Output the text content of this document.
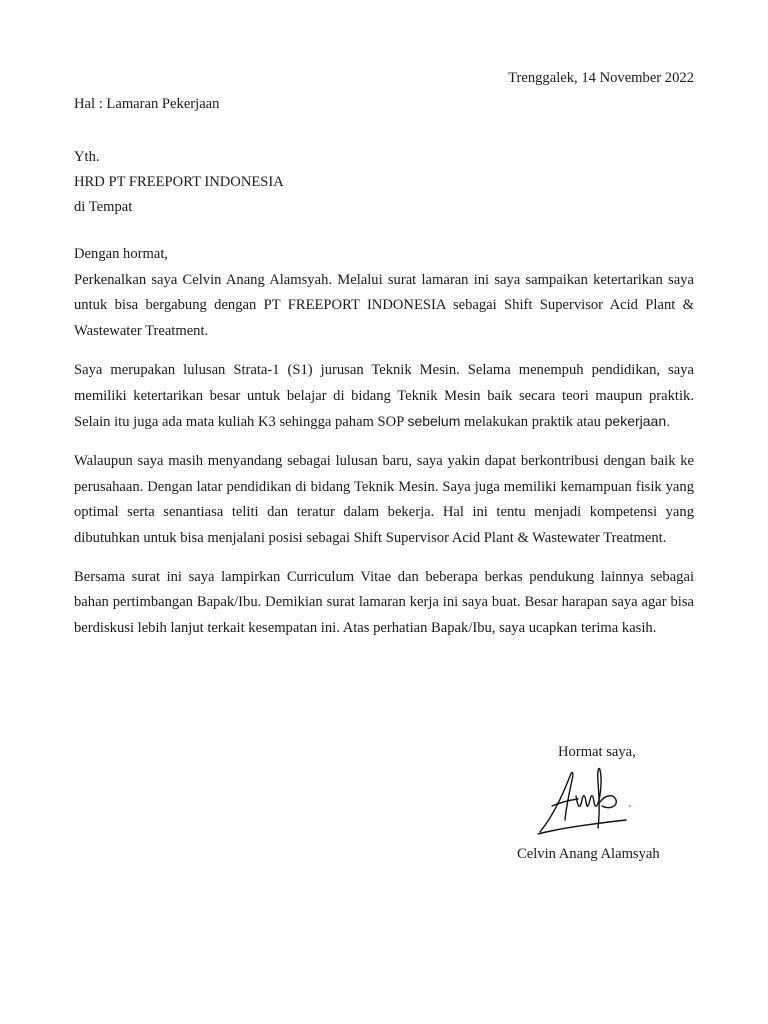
Trenggalek, 14 November 2022
Hal : Lamaran Pekerjaan
Yth.
HRD PT FREEPORT INDONESIA
di Tempat

Dengan hormat,

Perkenalkan saya Celvin Anang Alamsyah. Melalui surat lamaran ini saya sampaikan ketertarikan saya untuk bisa bergabung dengan PT FREEPORT INDONESIA sebagai Shift Supervisor Acid Plant & Wastewater Treatment.

Saya merupakan lulusan Strata-1 (S1) jurusan Teknik Mesin. Selama menempuh pendidikan, saya memiliki ketertarikan besar untuk belajar di bidang Teknik Mesin baik secara teori maupun praktik. Selain itu juga ada mata kuliah K3 sehingga paham SOP sebelum melakukan praktik atau pekerjaan.

Walaupun saya masih menyandang sebagai lulusan baru, saya yakin dapat berkontribusi dengan baik ke perusahaan. Dengan latar pendidikan di bidang Teknik Mesin. Saya juga memiliki kemampuan fisik yang optimal serta senantiasa teliti dan teratur dalam bekerja. Hal ini tentu menjadi kompetensi yang dibutuhkan untuk bisa menjalani posisi sebagai Shift Supervisor Acid Plant & Wastewater Treatment.

Bersama surat ini saya lampirkan Curriculum Vitae dan beberapa berkas pendukung lainnya sebagai bahan pertimbangan Bapak/Ibu. Demikian surat lamaran kerja ini saya buat. Besar harapan saya agar bisa berdiskusi lebih lanjut terkait kesempatan ini. Atas perhatian Bapak/Ibu, saya ucapkan terima kasih.

Hormat saya,
Celvin Anang Alamsyah
